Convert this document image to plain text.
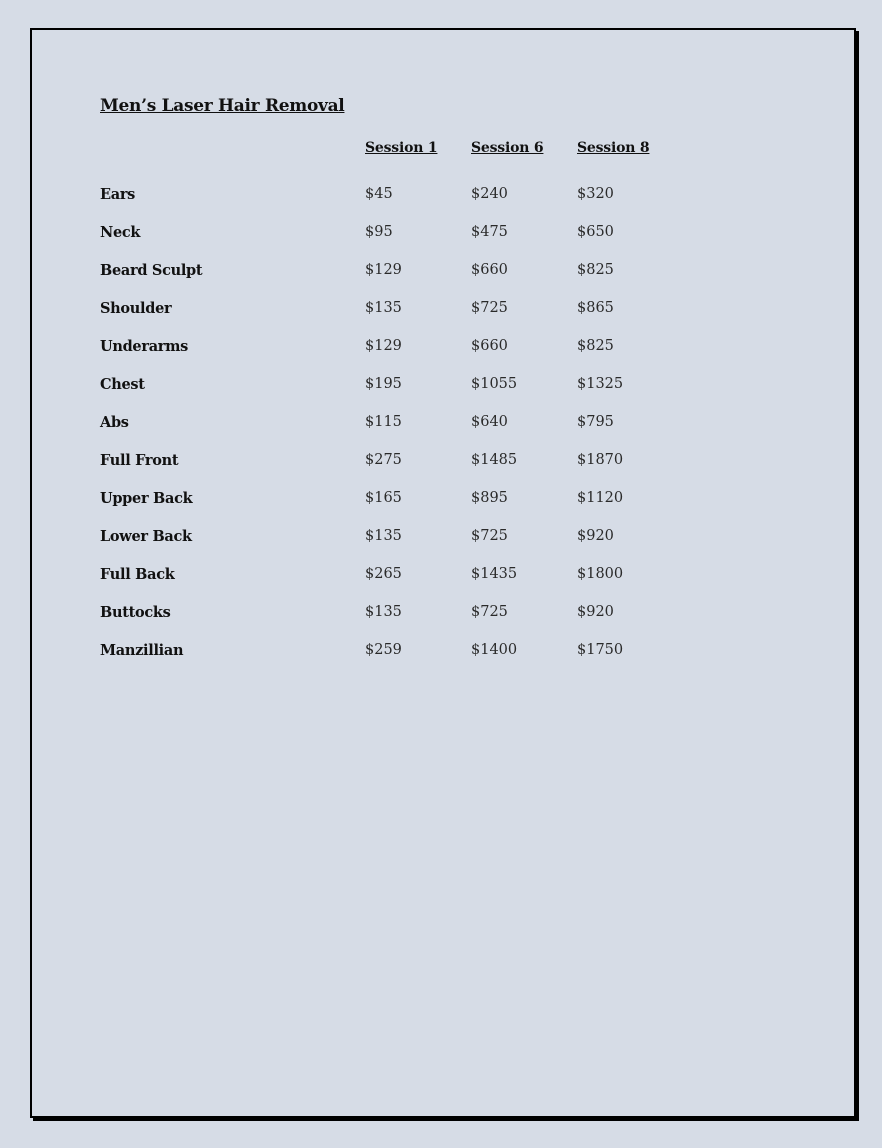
Men’s Laser Hair Removal
	Session 1	Session 6	Session 8
Ears	$45	$240	$320
Neck	$95	$475	$650
Beard Sculpt	$129	$660	$825
Shoulder	$135	$725	$865
Underarms	$129	$660	$825
Chest	$195	$1055	$1325
Abs	$115	$640	$795
Full Front	$275	$1485	$1870
Upper Back	$165	$895	$1120
Lower Back	$135	$725	$920
Full Back	$265	$1435	$1800
Buttocks	$135	$725	$920
Manzillian	$259	$1400	$1750
